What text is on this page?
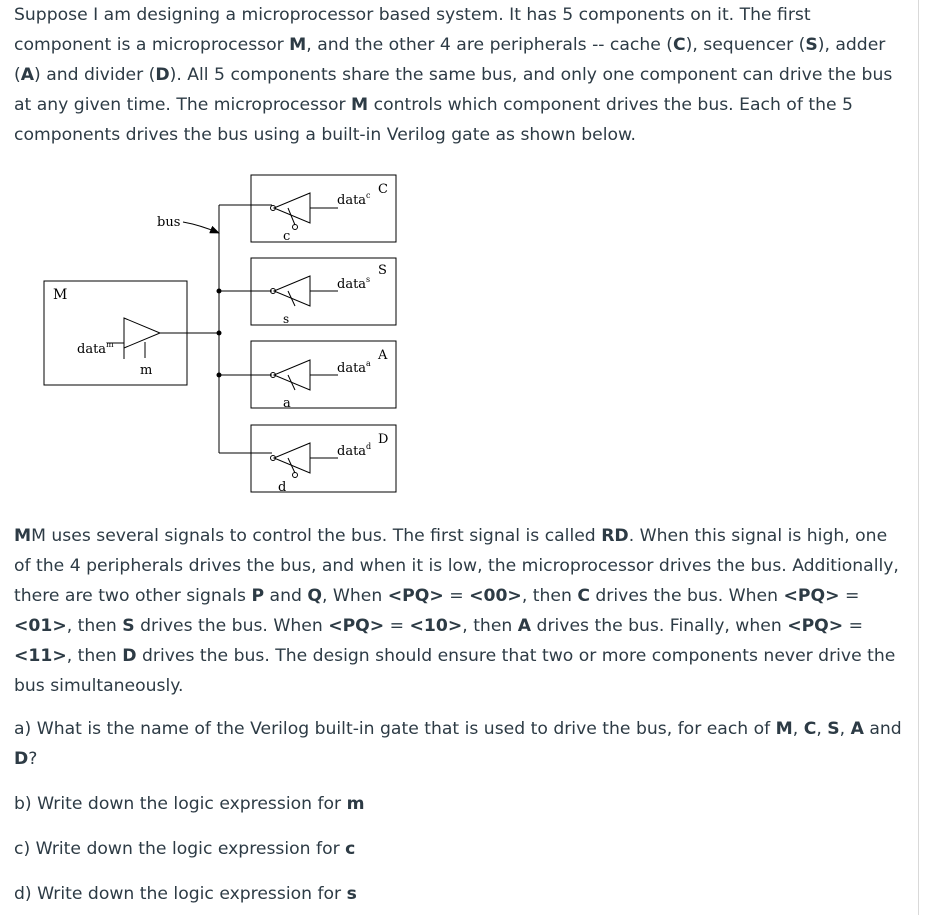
Suppose I am designing a microprocessor based system. It has 5 components on it. The first component is a microprocessor M, and the other 4 are peripherals -- cache (C), sequencer (S), adder (A) and divider (D). All 5 components share the same bus, and only one component can drive the bus at any given time. The microprocessor M controls which component drives the bus. Each of the 5 components drives the bus using a built-in Verilog gate as shown below.
bus
M
data$^m$
m
C
data$^c$
c
S
data$^s$
s
A
data$^a$
a
D
data$^d$
d
MM uses several signals to control the bus. The first signal is called RD. When this signal is high, one of the 4 peripherals drives the bus, and when it is low, the microprocessor drives the bus. Additionally, there are two other signals P and Q, When <PQ> = <00>, then C drives the bus. When <PQ> = <01>, then S drives the bus. When <PQ> = <10>, then A drives the bus. Finally, when <PQ> = <11>, then D drives the bus. The design should ensure that two or more components never drive the bus simultaneously.
a) What is the name of the Verilog built-in gate that is used to drive the bus, for each of M, C, S, A and D?
b) Write down the logic expression for m
c) Write down the logic expression for c
d) Write down the logic expression for s
